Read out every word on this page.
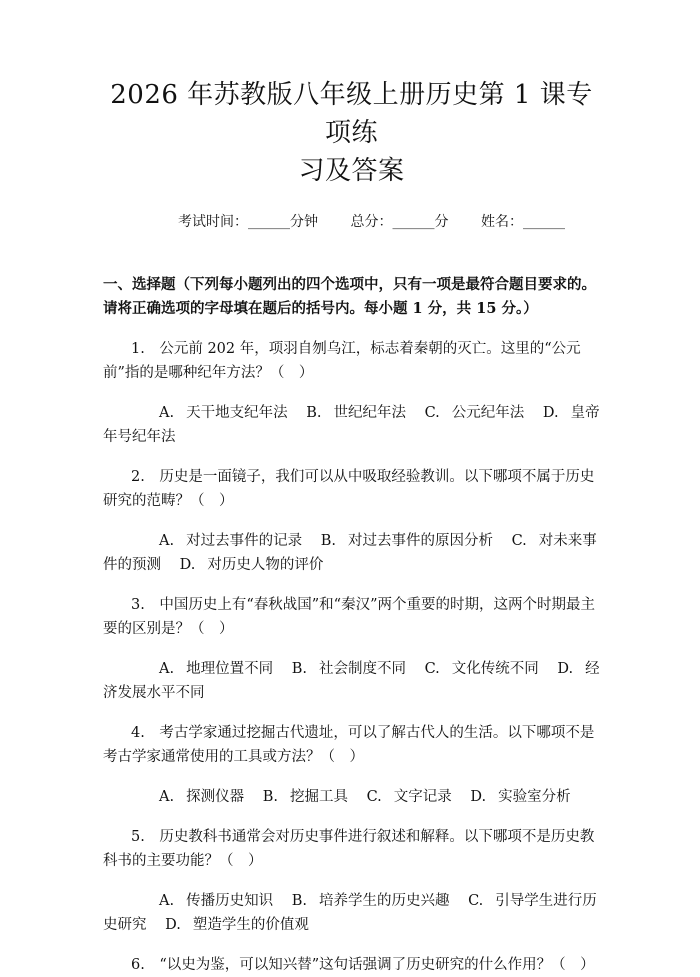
2026 年苏教版八年级上册历史第 1 课专项练
习及答案
考试时间：______分钟 总分：______分 姓名：______
一、选择题（下列每小题列出的四个选项中，只有一项是最符合题目要求的。请将正确选项的字母填在题后的括号内。每小题 1 分，共 15 分。）

1.　公元前 202 年，项羽自刎乌江，标志着秦朝的灭亡。这里的“公元前”指的是哪种纪年方法？（　）

A. 天干地支纪年法 B. 世纪纪年法 C. 公元纪年法 D. 皇帝年号纪年法

2.　历史是一面镜子，我们可以从中吸取经验教训。以下哪项不属于历史研究的范畴？（　）

A. 对过去事件的记录 B. 对过去事件的原因分析 C. 对未来事件的预测 D. 对历史人物的评价

3.　中国历史上有“春秋战国”和“秦汉”两个重要的时期，这两个时期最主要的区别是？（　）

A. 地理位置不同 B. 社会制度不同 C. 文化传统不同 D. 经济发展水平不同

4.　考古学家通过挖掘古代遗址，可以了解古代人的生活。以下哪项不是考古学家通常使用的工具或方法？（　）

A. 探测仪器 B. 挖掘工具 C. 文字记录 D. 实验室分析

5.　历史教科书通常会对历史事件进行叙述和解释。以下哪项不是历史教科书的主要功能？（　）

A. 传播历史知识 B. 培养学生的历史兴趣 C. 引导学生进行历史研究 D. 塑造学生的价值观

6.　“以史为鉴，可以知兴替”这句话强调了历史研究的什么作用？（　）
